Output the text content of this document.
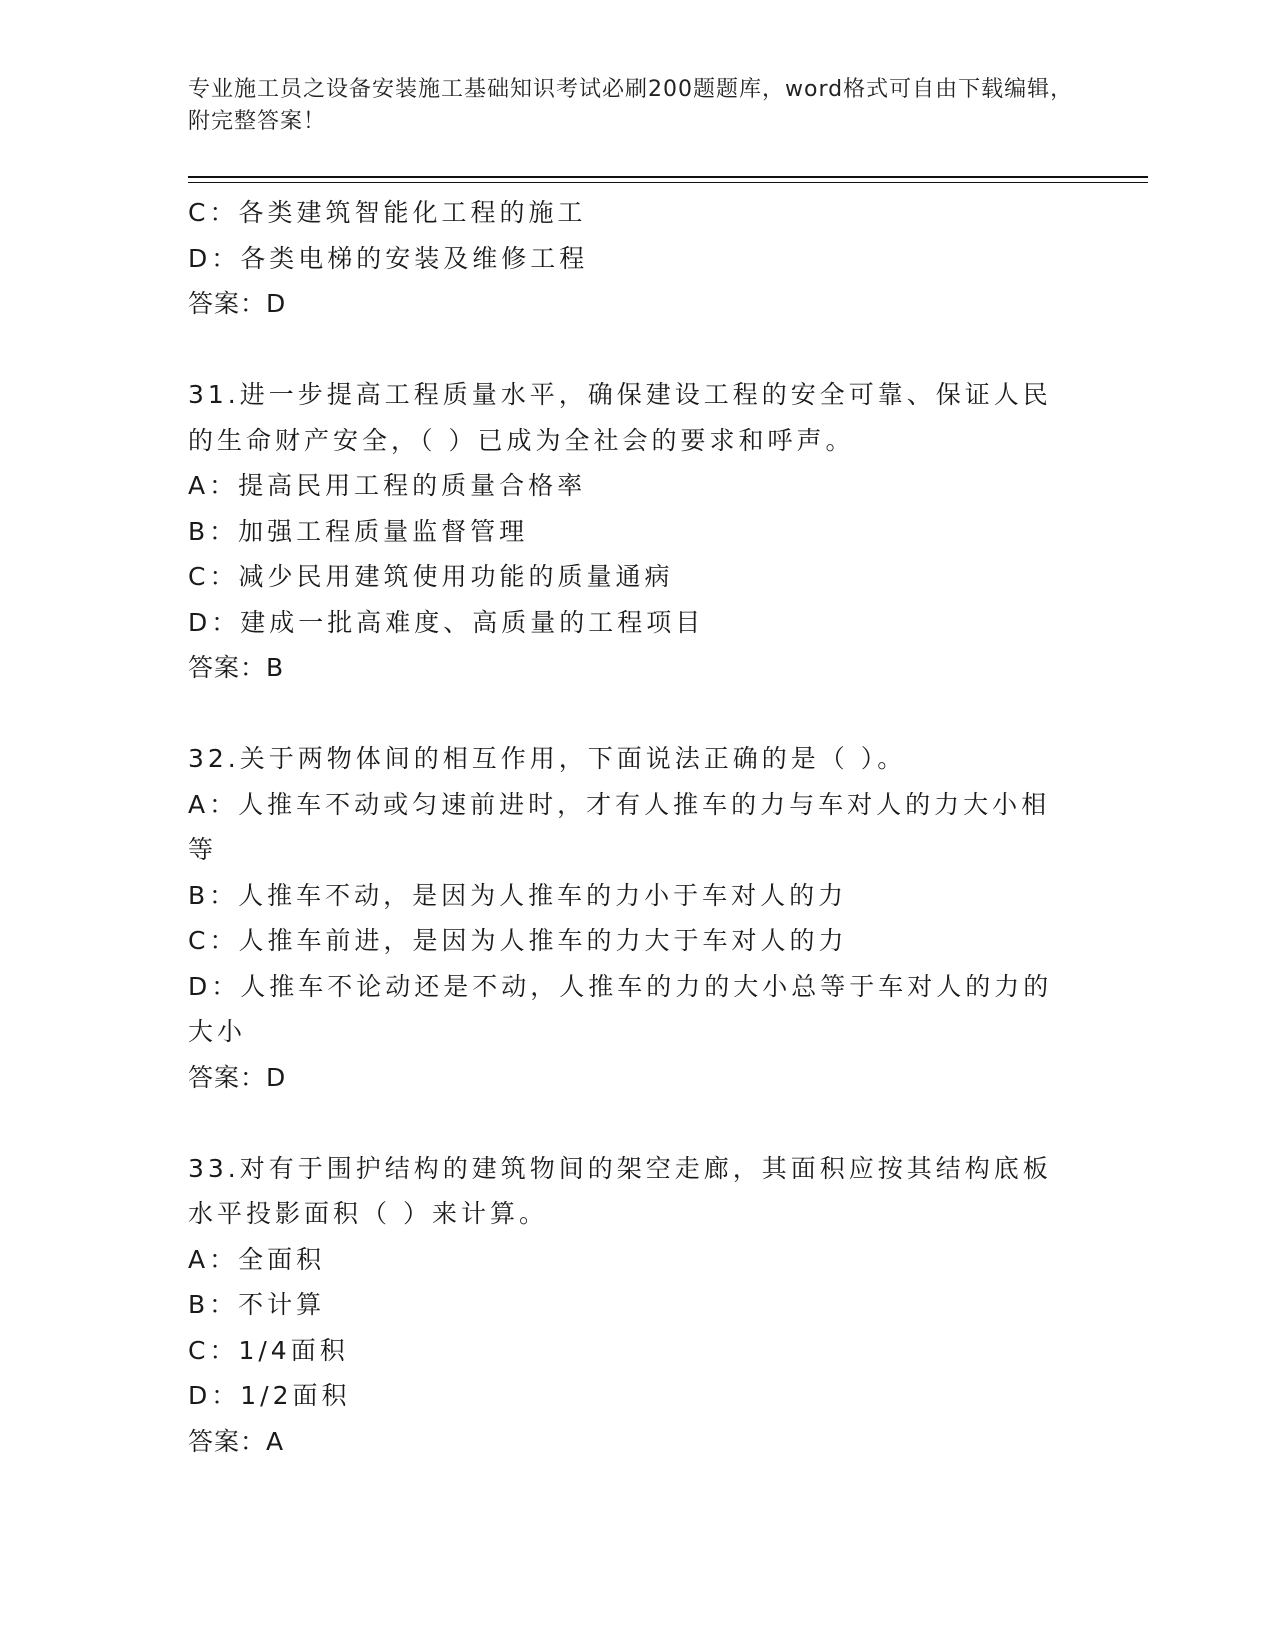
专业施工员之设备安装施工基础知识考试必刷200题题库，word格式可自由下载编辑，附完整答案！
C：各类建筑智能化工程的施工
D：各类电梯的安装及维修工程
答案：D
31.进一步提高工程质量水平，确保建设工程的安全可靠、保证人民的生命财产安全，（ ）已成为全社会的要求和呼声。
A：提高民用工程的质量合格率
B：加强工程质量监督管理
C：减少民用建筑使用功能的质量通病
D：建成一批高难度、高质量的工程项目
答案：B
32.关于两物体间的相互作用，下面说法正确的是（ ）。
A：人推车不动或匀速前进时，才有人推车的力与车对人的力大小相等
B：人推车不动，是因为人推车的力小于车对人的力
C：人推车前进，是因为人推车的力大于车对人的力
D：人推车不论动还是不动，人推车的力的大小总等于车对人的力的大小
答案：D
33.对有于围护结构的建筑物间的架空走廊，其面积应按其结构底板水平投影面积（ ）来计算。
A：全面积
B：不计算
C：1/4面积
D：1/2面积
答案：A
